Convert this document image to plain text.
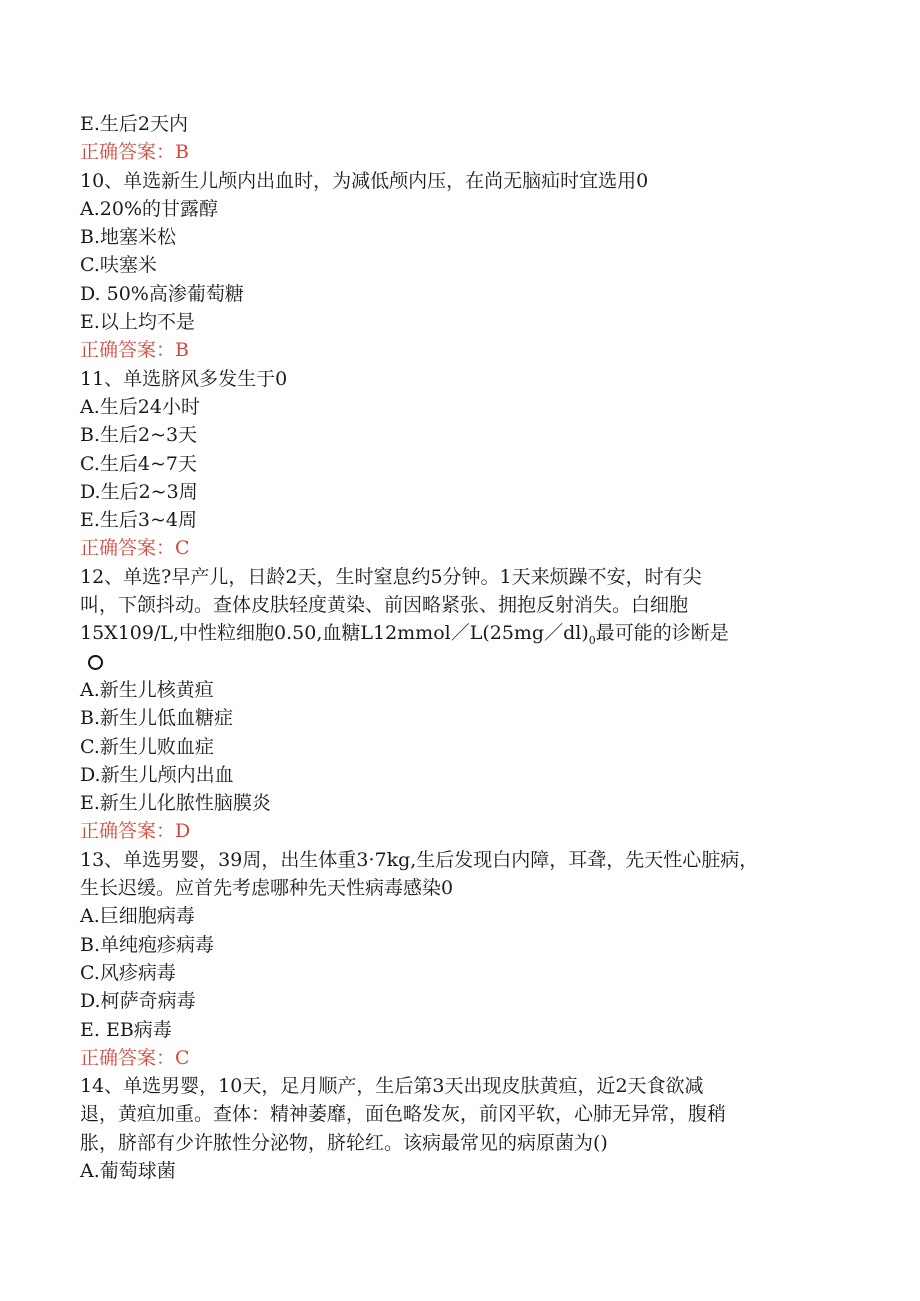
E.生后2天内
正确答案：B
10、单选新生儿颅内出血时，为减低颅内压，在尚无脑疝时宜选用0
A.20%的甘露醇
B.地塞米松
C.呋塞米
D. 50%高渗葡萄糖
E.以上均不是
正确答案：B
11、单选脐风多发生于0
A.生后24小时
B.生后2~3天
C.生后4~7天
D.生后2~3周
E.生后3~4周
正确答案：C
12、单选?早产儿，日龄2天，生时窒息约5分钟。1天来烦躁不安，时有尖
叫，下颌抖动。查体皮肤轻度黄染、前因略紧张、拥抱反射消失。白细胞
15X109/L,中性粒细胞0.50,血糖$L12mmol/L(25mg/dl)_0$最可能的诊断是
A.新生儿核黄疸
B.新生儿低血糖症
C.新生儿败血症
D.新生儿颅内出血
E.新生儿化脓性脑膜炎
正确答案：D
13、单选男婴，39周，出生体重3·7kg,生后发现白内障，耳聋，先天性心脏病，
生长迟缓。应首先考虑哪种先天性病毒感染0
A.巨细胞病毒
B.单纯疱疹病毒
C.风疹病毒
D.柯萨奇病毒
E. EB病毒
正确答案：C
14、单选男婴，10天，足月顺产，生后第3天出现皮肤黄疸，近2天食欲减
退，黄疸加重。查体：精神萎靡，面色略发灰，前冈平软，心肺无异常，腹稍
胀，脐部有少许脓性分泌物，脐轮红。该病最常见的病原菌为()
A.葡萄球菌
